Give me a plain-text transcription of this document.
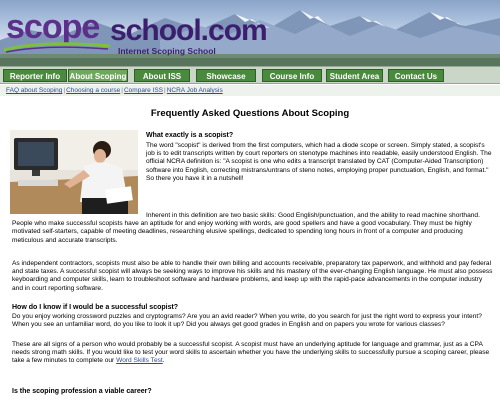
scope school.com
Internet Scoping School
Reporter Info	About Scoping	About ISS	Showcase	Course Info	Student Area	Contact Us
FAQ about Scoping|Choosing a course|Compare ISS|NCRA Job Analysis
Frequently Asked Questions About Scoping
What exactly is a scopist?
The word "scopist" is derived from the first computers, which had a diode scope or screen. Simply stated, a scopist's job is to edit transcripts written by court reporters on stenotype machines into readable, easily understood English. The official NCRA definition is: "A scopist is one who edits a transcript translated by CAT (Computer-Aided Transcription) software into English, correcting mistrans/untrans of steno notes, employing proper punctuation, English, and format." So there you have it in a nutshell!
Inherent in this definition are two basic skills: Good English/punctuation, and the ability to read machine shorthand. People who make successful scopists have an aptitude for and enjoy working with words, are good spellers and have a good vocabulary. They must be highly motivated self-starters, capable of meeting deadlines, researching elusive spellings, dedicated to spending long hours in front of a computer and producing meticulous and accurate transcripts.
As independent contractors, scopists must also be able to handle their own billing and accounts receivable, preparatory tax paperwork, and withhold and pay federal and state taxes. A successful scopist will always be seeking ways to improve his skills and his mastery of the ever-changing English language. He must also possess keyboarding and computer skills, learn to troubleshoot software and hardware problems, and keep up with the rapid-pace advancements in the computer industry and in court reporting software.
How do I know if I would be a successful scopist?
Do you enjoy working crossword puzzles and cryptograms? Are you an avid reader? When you write, do you search for just the right word to express your intent? When you see an unfamiliar word, do you like to look it up? Did you always get good grades in English and on papers you wrote for various classes?
These are all signs of a person who would probably be a successful scopist. A scopist must have an underlying aptitude for language and grammar, just as a CPA needs strong math skills. If you would like to test your word skills to ascertain whether you have the underlying skills to successfully pursue a scoping career, please take a few minutes to complete our Word Skills Test.
Is the scoping profession a viable career?
